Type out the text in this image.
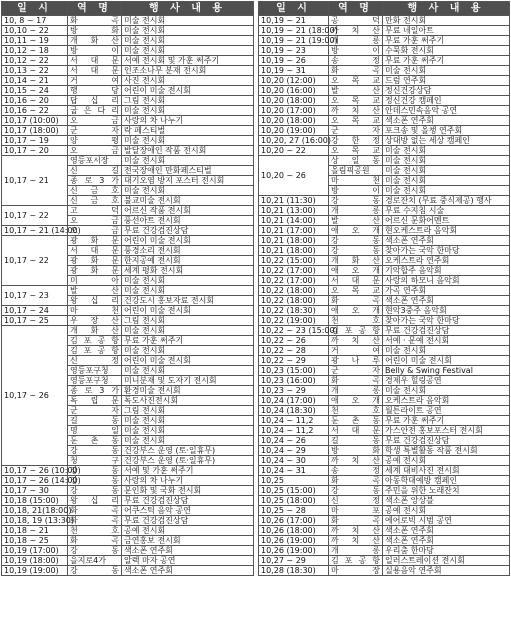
일 시	역 명	행 사 내 용
10, 8 ~ 17	화 곡	미술 전시회
10,10 ~ 22	방 화	미술 전시회
10,11 ~ 19	개 화 산	미술 전시회
10,12 ~ 18	방 이	미술 전시회
10,12 ~ 22	서 대 문	서예 전시회 및 가훈 써주기
10,13 ~ 22	서 대 문	인조소나무 분재 전시회
10,14 ~ 21	거 여	사진 전시회
10,15 ~ 24	행 당	어린이 미술 전시회
10,16 ~ 20	답 십 리	그림 전시회
10,16 ~ 22	굽 은 다 리	미술 전시회
10,17 (10:00)	오 금	사랑의 차 나누기
10,17 (18:00)	군 자	락 페스티벌
10,17 ~ 19	양 평	미술 전시회
10,17 ~ 20	오 금	발달장애인 작품 전시회
10,17 ~ 21	영등포시장	미술 전시회
	신 길	전국장애인 만화페스티벌
	종 로 3 가	대기오염 방지 포스터 전시회
	신 금 호	미술 전시회
	신 금 호	불교미술 전시회
10,17 ~ 22	고 덕	어르신 작품 전시회
	오 금	풍선아트 전시회
10,17 ~ 21 (14:00)	오 금	무료 건강검진상담
10,17 ~ 22	광 화 문	어린이 미술 전시회
	서 대 문	풍경소리 전시회
	광 화 문	한지공예 전시회
	광 화 문	세계 평화 전시회
	미 아	미술 전시회
10,17 ~ 23	발 산	미술 전시회
	왕 십 리	건강도시 홍보자료 전시회
10,17 ~ 24	마 천	어린이 미술 전시회
10,17 ~ 25	우 장 산	그림 전시회
10,17 ~ 26	개 화 산	미술 전시회
	김 포 공 항	무료 가훈 써주기
	김 포 공 항	미술 전시회
	신 정	어린이 미술 전시회
	영등포구청	미술 전시회
	영등포구청	미니분재 및 도자기 전시회
	종 로 3 가	환경미술 전시회
	독 립 문	독도사진전시회
	군 자	그림 전시회
	길 동	미술 전시회
	명 일	미술 전시회
	둔 촌 동	미술 전시회
	강 동	건강부스 운영 (토·일휴무)
	청 구	건강부스 운영 (토·일휴무)
10,17 ~ 26 (10:00)	강 동	서예 및 가훈 써주기
10,17 ~ 26 (14:00)	강 동	사랑의 차 나누기
10,17 ~ 30	강 동	문인화 및 국화 전시회
10,18 (15:00)	왕 십 리	무료 건강검진상담
10,18, 21(18:00)	화 곡	어쿠스틱 음악 공연
10,18, 19 (13:30)	화 곡	무료 건강검진상담
10,18 ~ 21	천 호	공예 전시회
10,18 ~ 25	화 곡	금연홍보 전시회
10,19 (17:00)	강 동	색소폰 연주회
10,19 (18:00)	을지로4가	알렉 마자 공연
10,19 (19:00)	강 동	색소폰 연주회
일 시	역 명	행 사 내 용
10,19 ~ 21	공 덕	만화 전시회
10,19 ~ 21 (18:00)	까 치 산	무료 네일아트
10,19 ~ 21 (19:00)	개 롱	무료 가훈 써주기
10,19 ~ 23	방 이	수묵화 전시회
10,19 ~ 26	송 정	무료 가훈 써주기
10,19 ~ 31	화 곡	미술 전시회
10,20 (12:00)	오 목 교	드럼 연주회
10,20 (16:00)	발 산	정신건강상담
10,20 (18:00)	오 목 교	정신건강 캠페인
10,20 (17:00)	까 치 산	안데스민속음악 공연
10,20 (18:00)	오 목 교	색소폰 연주회
10,20 (19:00)	군 자	포크송 및 올챙 연주회
10,20, 27 (16:00)	강 한 정	상대방 없는 세상 캠페인
10,20 ~ 22	오 목 교	미술 전시회
10,20 ~ 26	상 일 동	미술 전시회
	올림픽공원	미술 전시회
	마 천	미술 전시회
	방 이	미술 전시회
10,21 (11:30)	강 동	경로잔치 (무료 중식제공) 행사
10,21 (13:00)	개 롱	무료 수지침 시술
10,21 (14:00)	발 산	어르신 문화어멘트
10,21 (17:00)	애 오 개	현오케스트라 음악회
10,21 (18:00)	강 동	색소폰 연주회
10,21 (18:00)	강 동	찾아가는 국악 한마당
10,22 (15:00)	개 화 산	오케스트라 연주회
10,22 (17:00)	애 오 개	기악합주 음악회
10,22 (17:00)	서 대 문	사랑의 하모니 음악회
10,22 (18:00)	오 목 교	가곡 연주회
10,22 (18:00)	화 곡	색소폰 연주회
10,22 (18:30)	애 오 개	현악3중주 음악회
10,22 (19:00)	천 호	찾아가는 국악 한마당
10,22 ~ 23 (15:00)	김 포 공 항	무료 건강검진상담
10,22 ~ 26	까 치 산	서예 · 문예 전시회
10,22 ~ 28	거 여	미술 전시회
10,22 ~ 29	광 나 루	어린이 미술 전시회
10,23 (15:00)	군 자	Belly & Swing Festival
10,23 (16:00)	화 곡	경제우 힐링공연
10,23 ~ 29	개 롱	미술 전시회
10,24 (17:00)	애 오 개	오케스트라 음악회
10,24 (18:30)	천 호	월튼라이트 공연
10,24 ~ 11,2	둔 촌 동	무료 가훈 써주기
10,24 ~ 11,2	서 대 문	가스안전 홍보포스터 전시회
10,24 ~ 26	길 동	무료 건강검진상담
10,24 ~ 29	방 화	학생 특별활동 작품 전시회
10,24 ~ 30	까 치 산	공예 전시회
10,24 ~ 31	송 정	세계 대비사진 전시회
10,25	화 곡	아동학대예방 캠페인
10,25 (15:00)	강 동	주민을 위한 노래잔치
10,25 (18:00)	신 정	색소폰 앙상블
10,25 ~ 28	마 포	공예 전시회
10,26 (17:00)	화 곡	에어로빅 시범 공연
10,26 (18:00)	까 치 산	색소폰 연주회
10,26 (19:00)	까 치 산	색소폰 연주회
10,26 (19:00)	개 롱	우리춤 한마당
10,27 ~ 29	김 포 공 항	일러스트레이션 전시회
10,28 (18:30)	마 장	실용음악 연주회
